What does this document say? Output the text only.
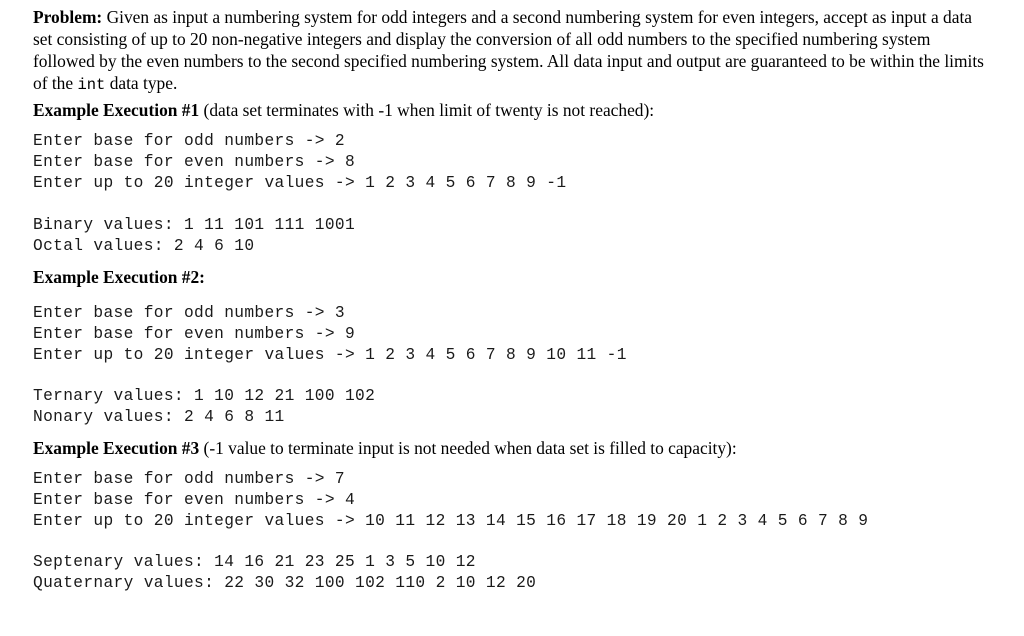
Problem: Given as input a numbering system for odd integers and a second numbering system for even integers, accept as input a data set consisting of up to 20 non-negative integers and display the conversion of all odd numbers to the specified numbering system followed by the even numbers to the second specified numbering system. All data input and output are guaranteed to be within the limits of the int data type.

Example Execution #1 (data set terminates with -1 when limit of twenty is not reached):

Enter base for odd numbers -> 2
Enter base for even numbers -> 8
Enter up to 20 integer values -> 1 2 3 4 5 6 7 8 9 -1
Binary values: 1 11 101 111 1001
Octal values: 2 4 6 10

Example Execution #2:

Enter base for odd numbers -> 3
Enter base for even numbers -> 9
Enter up to 20 integer values -> 1 2 3 4 5 6 7 8 9 10 11 -1
Ternary values: 1 10 12 21 100 102
Nonary values: 2 4 6 8 11

Example Execution #3 (-1 value to terminate input is not needed when data set is filled to capacity):

Enter base for odd numbers -> 7
Enter base for even numbers -> 4
Enter up to 20 integer values -> 10 11 12 13 14 15 16 17 18 19 20 1 2 3 4 5 6 7 8 9
Septenary values: 14 16 21 23 25 1 3 5 10 12
Quaternary values: 22 30 32 100 102 110 2 10 12 20
